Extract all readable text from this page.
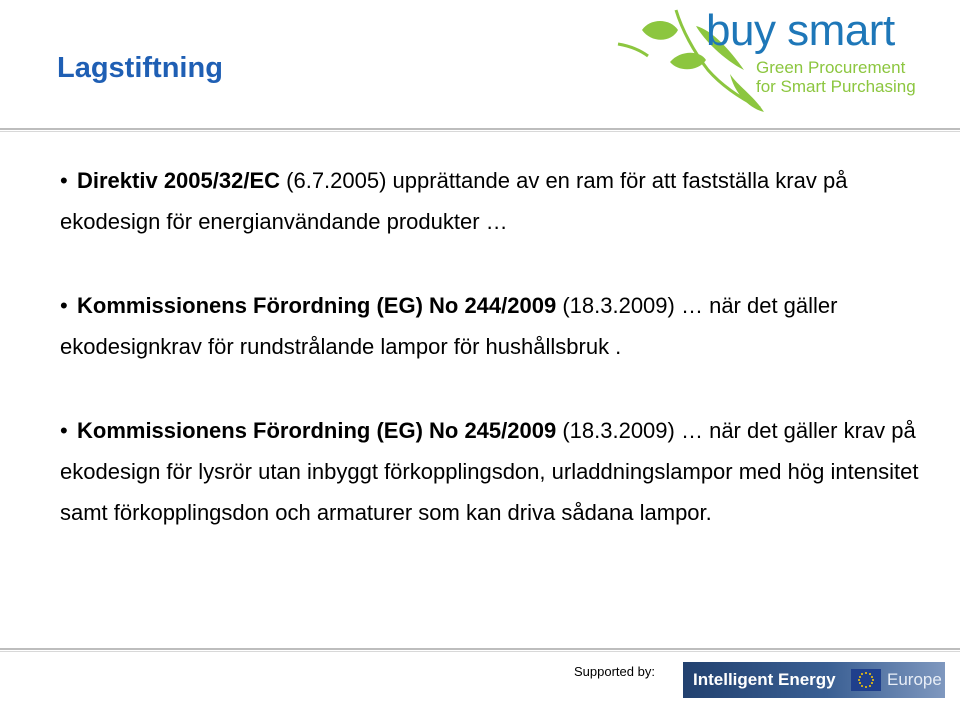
Lagstiftning
buy smart
Green Procurement
for Smart Purchasing

• Direktiv 2005/32/EC (6.7.2005) upprättande av en ram för att fastställa krav på ekodesign för energianvändande produkter …

• Kommissionens Förordning (EG) No 244/2009 (18.3.2009) … när det gäller ekodesignkrav för rundstrålande lampor för hushållsbruk .

• Kommissionens Förordning (EG) No 245/2009 (18.3.2009) … när det gäller krav på ekodesign för lysrör utan inbyggt förkopplingsdon, urladdningslampor med hög intensitet samt förkopplingsdon och armaturer som kan driva sådana lampor.

Supported by: Intelligent Energy	Europe
